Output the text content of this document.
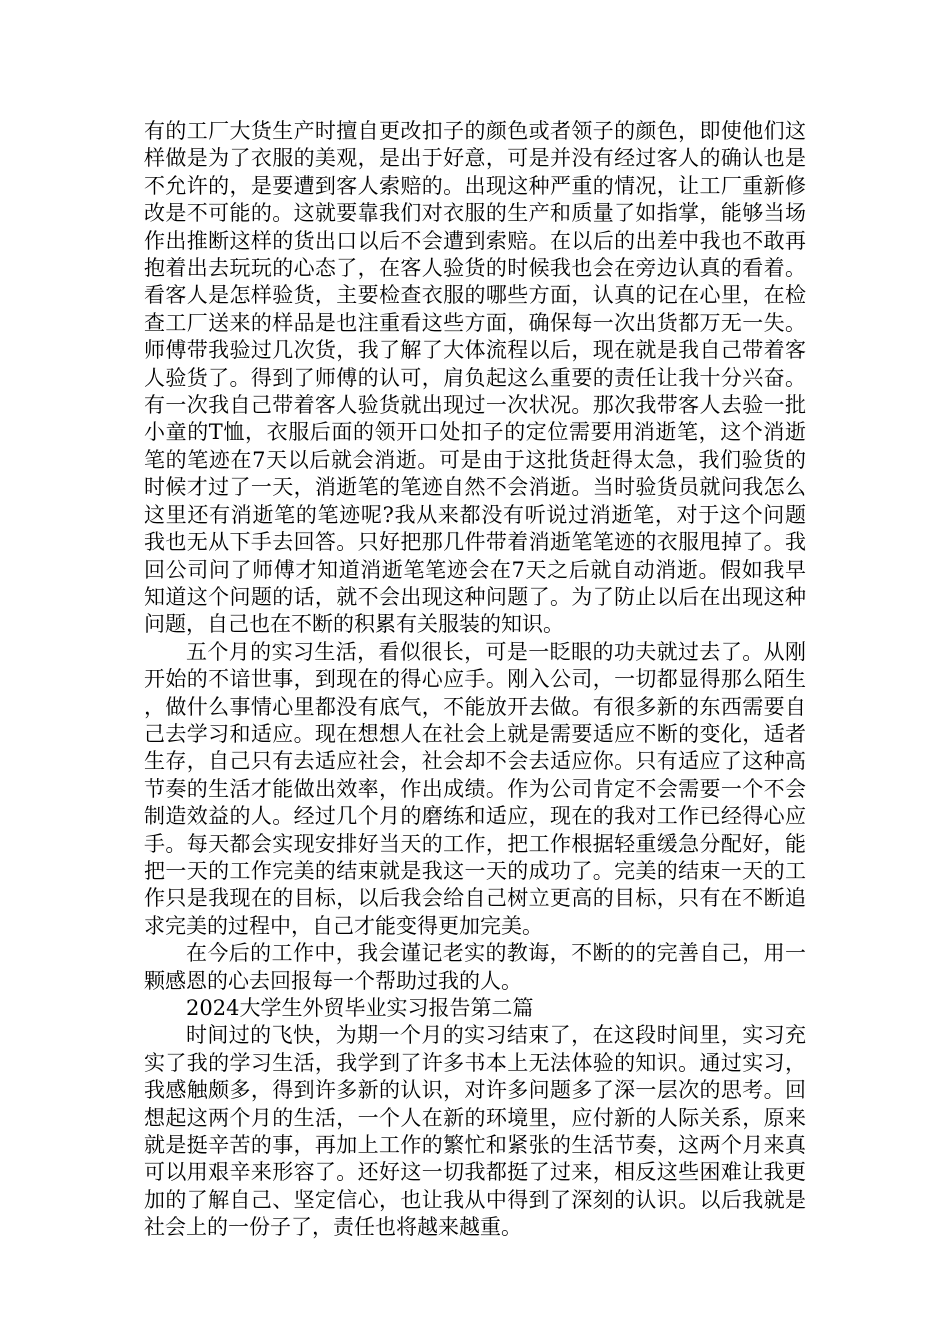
有的工厂大货生产时擅自更改扣子的颜色或者领子的颜色，即使他们这样做是为了衣服的美观，是出于好意，可是并没有经过客人的确认也是不允许的，是要遭到客人索赔的。出现这种严重的情况，让工厂重新修改是不可能的。这就要靠我们对衣服的生产和质量了如指掌，能够当场作出推断这样的货出口以后不会遭到索赔。在以后的出差中我也不敢再抱着出去玩玩的心态了，在客人验货的时候我也会在旁边认真的看着。看客人是怎样验货，主要检查衣服的哪些方面，认真的记在心里，在检查工厂送来的样品是也注重看这些方面，确保每一次出货都万无一失。师傅带我验过几次货，我了解了大体流程以后，现在就是我自己带着客人验货了。得到了师傅的认可，肩负起这么重要的责任让我十分兴奋。有一次我自己带着客人验货就出现过一次状况。那次我带客人去验一批小童的T恤，衣服后面的领开口处扣子的定位需要用消逝笔，这个消逝笔的笔迹在7天以后就会消逝。可是由于这批货赶得太急，我们验货的时候才过了一天，消逝笔的笔迹自然不会消逝。当时验货员就问我怎么这里还有消逝笔的笔迹呢?我从来都没有听说过消逝笔，对于这个问题我也无从下手去回答。只好把那几件带着消逝笔笔迹的衣服甩掉了。我回公司问了师傅才知道消逝笔笔迹会在7天之后就自动消逝。假如我早知道这个问题的话，就不会出现这种问题了。为了防止以后在出现这种问题，自己也在不断的积累有关服装的知识。

五个月的实习生活，看似很长，可是一眨眼的功夫就过去了。从刚开始的不谙世事，到现在的得心应手。刚入公司，一切都显得那么陌生，做什么事情心里都没有底气，不能放开去做。有很多新的东西需要自己去学习和适应。现在想想人在社会上就是需要适应不断的变化，适者生存，自己只有去适应社会，社会却不会去适应你。只有适应了这种高节奏的生活才能做出效率，作出成绩。作为公司肯定不会需要一个不会制造效益的人。经过几个月的磨练和适应，现在的我对工作已经得心应手。每天都会实现安排好当天的工作，把工作根据轻重缓急分配好，能把一天的工作完美的结束就是我这一天的成功了。完美的结束一天的工作只是我现在的目标，以后我会给自己树立更高的目标，只有在不断追求完美的过程中，自己才能变得更加完美。

在今后的工作中，我会谨记老实的教诲，不断的的完善自己，用一颗感恩的心去回报每一个帮助过我的人。

2024大学生外贸毕业实习报告第二篇

时间过的飞快，为期一个月的实习结束了，在这段时间里，实习充实了我的学习生活，我学到了许多书本上无法体验的知识。通过实习，我感触颇多，得到许多新的认识，对许多问题多了深一层次的思考。回想起这两个月的生活，一个人在新的环境里，应付新的人际关系，原来就是挺辛苦的事，再加上工作的繁忙和紧张的生活节奏，这两个月来真可以用艰辛来形容了。还好这一切我都挺了过来，相反这些困难让我更加的了解自己、坚定信心，也让我从中得到了深刻的认识。以后我就是社会上的一份子了，责任也将越来越重。
